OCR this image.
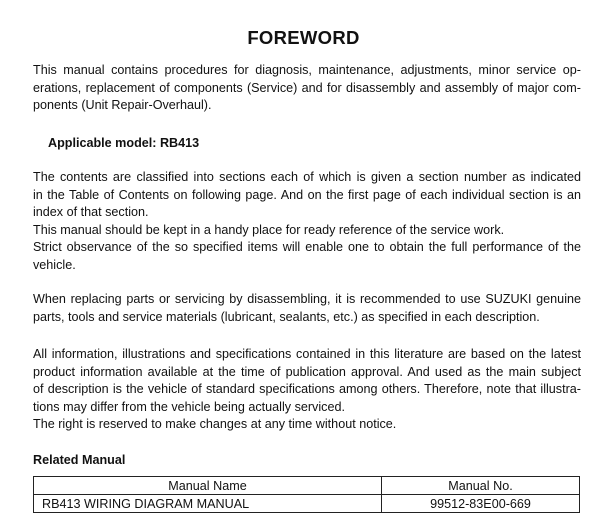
FOREWORD

This manual contains procedures for diagnosis, maintenance, adjustments, minor service op-
erations, replacement of components (Service) and for disassembly and assembly of major com-
ponents (Unit Repair-Overhaul).

Applicable model: RB413

The contents are classified into sections each of which is given a section number as indicated
in the Table of Contents on following page. And on the first page of each individual section is an
index of that section.
This manual should be kept in a handy place for ready reference of the service work.
Strict observance of the so specified items will enable one to obtain the full performance of the
vehicle.

When replacing parts or servicing by disassembling, it is recommended to use SUZUKI genuine
parts, tools and service materials (lubricant, sealants, etc.) as specified in each description.

All information, illustrations and specifications contained in this literature are based on the latest
product information available at the time of publication approval. And used as the main subject
of description is the vehicle of standard specifications among others. Therefore, note that illustra-
tions may differ from the vehicle being actually serviced.
The right is reserved to make changes at any time without notice.

Related Manual
Manual Name	Manual No.
RB413 WIRING DIAGRAM MANUAL	99512-83E00-669
